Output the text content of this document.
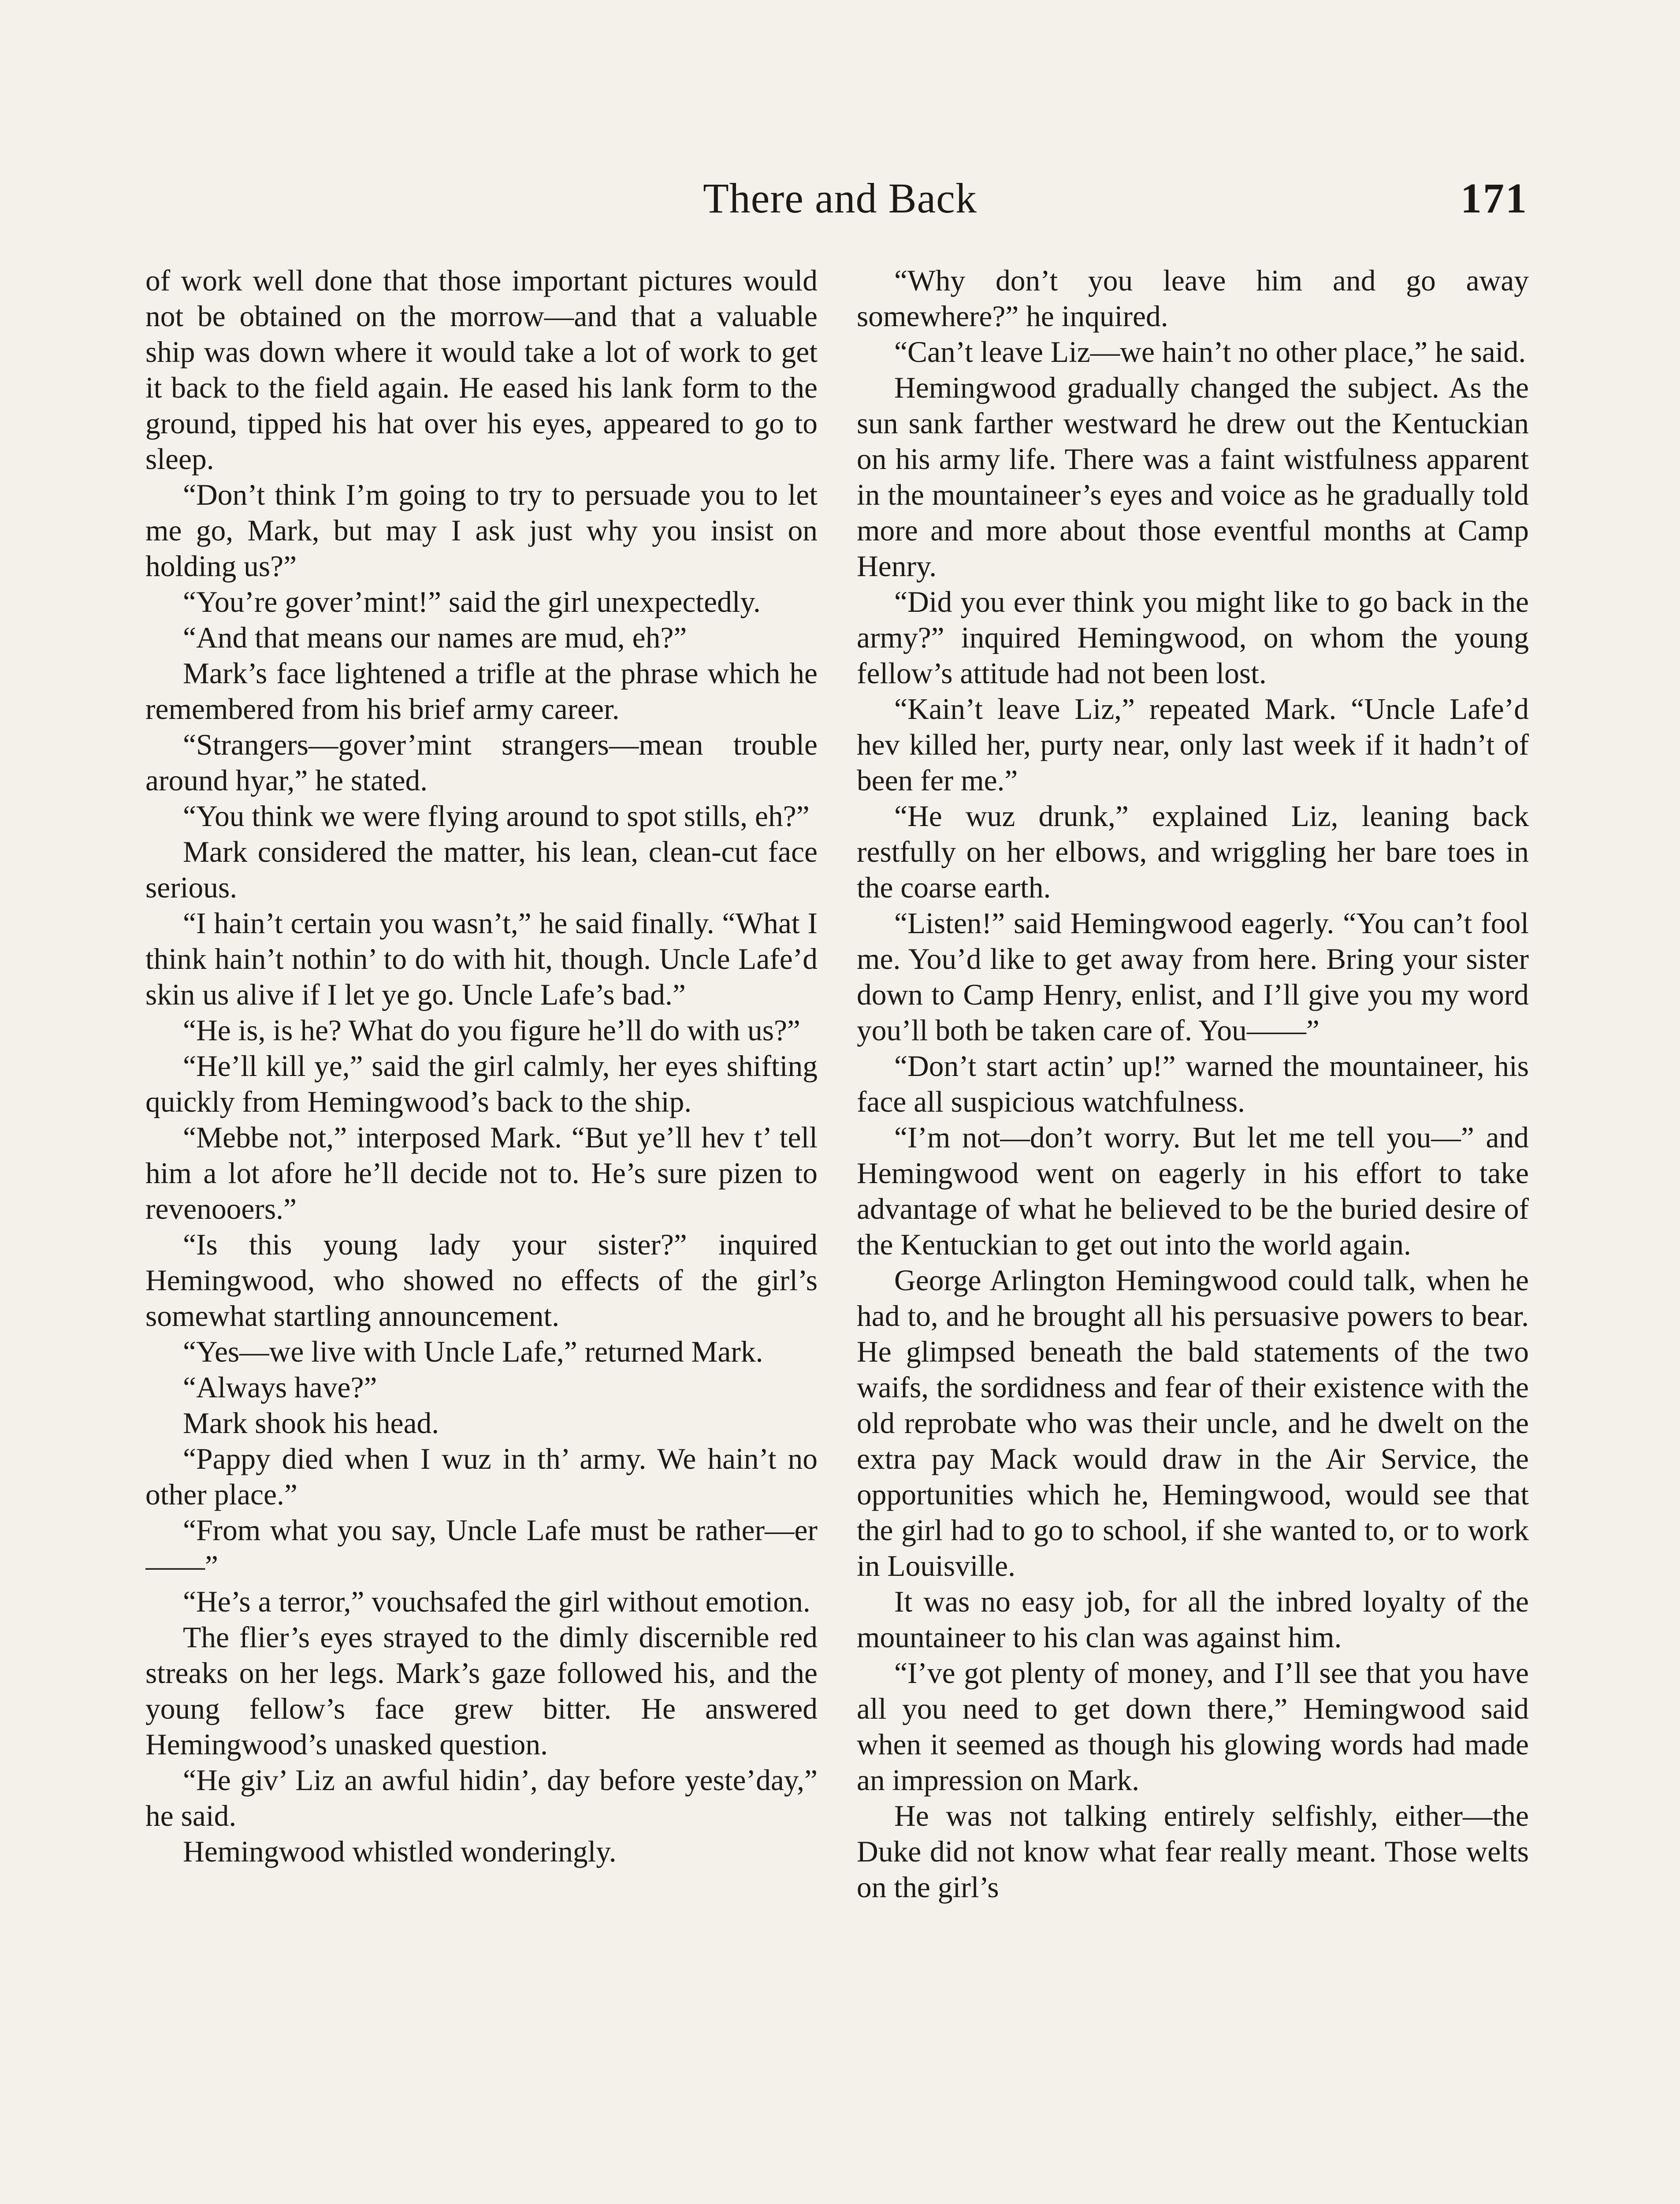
There and Back	171

of work well done that those important pictures would not be obtained on the morrow—and that a valuable ship was down where it would take a lot of work to get it back to the field again. He eased his lank form to the ground, tipped his hat over his eyes, appeared to go to sleep.

“Don’t think I’m going to try to persuade you to let me go, Mark, but may I ask just why you insist on holding us?”

“You’re gover’mint!” said the girl unexpectedly.

“And that means our names are mud, eh?”

Mark’s face lightened a trifle at the phrase which he remembered from his brief army career.

“Strangers—gover’mint strangers—mean trouble around hyar,” he stated.

“You think we were flying around to spot stills, eh?”

Mark considered the matter, his lean, clean-cut face serious.

“I hain’t certain you wasn’t,” he said finally. “What I think hain’t nothin’ to do with hit, though. Uncle Lafe’d skin us alive if I let ye go. Uncle Lafe’s bad.”

“He is, is he? What do you figure he’ll do with us?”

“He’ll kill ye,” said the girl calmly, her eyes shifting quickly from Hemingwood’s back to the ship.

“Mebbe not,” interposed Mark. “But ye’ll hev t’ tell him a lot afore he’ll decide not to. He’s sure pizen to revenooers.”

“Is this young lady your sister?” inquired Hemingwood, who showed no effects of the girl’s somewhat startling announcement.

“Yes—we live with Uncle Lafe,” returned Mark.

“Always have?”

Mark shook his head.

“Pappy died when I wuz in th’ army. We hain’t no other place.”

“From what you say, Uncle Lafe must be rather—er——”

“He’s a terror,” vouchsafed the girl without emotion.

The flier’s eyes strayed to the dimly discernible red streaks on her legs. Mark’s gaze followed his, and the young fellow’s face grew bitter. He answered Hemingwood’s unasked question.

“He giv’ Liz an awful hidin’, day before yeste’day,” he said.

Hemingwood whistled wonderingly.

“Why don’t you leave him and go away somewhere?” he inquired.

“Can’t leave Liz—we hain’t no other place,” he said.

Hemingwood gradually changed the subject. As the sun sank farther westward he drew out the Kentuckian on his army life. There was a faint wistfulness apparent in the mountaineer’s eyes and voice as he gradually told more and more about those eventful months at Camp Henry.

“Did you ever think you might like to go back in the army?” inquired Hemingwood, on whom the young fellow’s attitude had not been lost.

“Kain’t leave Liz,” repeated Mark. “Uncle Lafe’d hev killed her, purty near, only last week if it hadn’t of been fer me.”

“He wuz drunk,” explained Liz, leaning back restfully on her elbows, and wriggling her bare toes in the coarse earth.

“Listen!” said Hemingwood eagerly. “You can’t fool me. You’d like to get away from here. Bring your sister down to Camp Henry, enlist, and I’ll give you my word you’ll both be taken care of. You——”

“Don’t start actin’ up!” warned the mountaineer, his face all suspicious watchfulness.

“I’m not—don’t worry. But let me tell you—” and Hemingwood went on eagerly in his effort to take advantage of what he believed to be the buried desire of the Kentuckian to get out into the world again.

George Arlington Hemingwood could talk, when he had to, and he brought all his persuasive powers to bear. He glimpsed beneath the bald statements of the two waifs, the sordidness and fear of their existence with the old reprobate who was their uncle, and he dwelt on the extra pay Mack would draw in the Air Service, the opportunities which he, Hemingwood, would see that the girl had to go to school, if she wanted to, or to work in Louisville.

It was no easy job, for all the inbred loyalty of the mountaineer to his clan was against him.

“I’ve got plenty of money, and I’ll see that you have all you need to get down there,” Hemingwood said when it seemed as though his glowing words had made an impression on Mark.

He was not talking entirely selfishly, either—the Duke did not know what fear really meant. Those welts on the girl’s
